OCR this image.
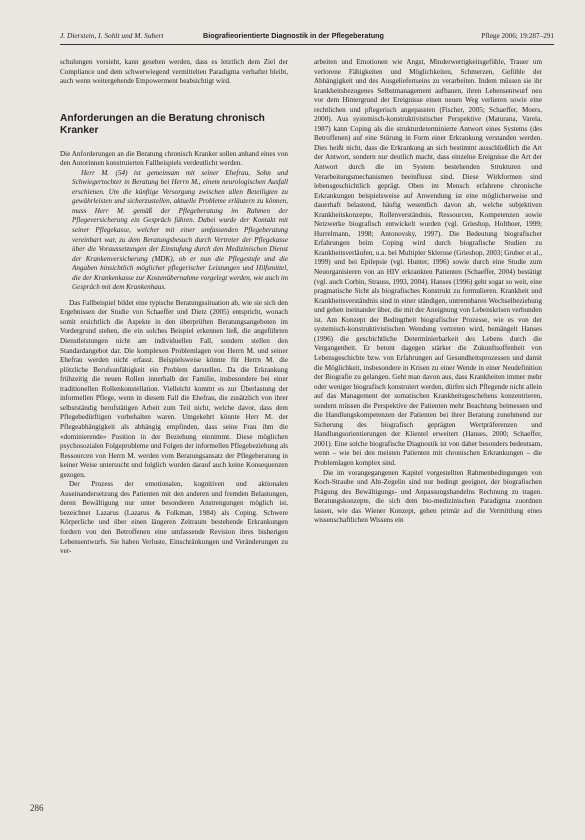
J. Dierstein, I. Sohlt und M. Subert	Biografieorientierte Diagnostik in der Pflegeberatung	Pflege 2006; 19:287–291

schulungen vorsieht, kann gesehen werden, dass es letztlich dem Ziel der Compliance und dem schwerwiegend vermittelten Paradigma verhaftet bleibt, auch wenn weitergehende Empowerment beabsichtigt wird.

Anforderungen an die Beratung chronisch Kranker

Die Anforderungen an die Beratung chronisch Kranker sollen anhand eines von den Autorinnen konstruierten Fallbeispiels verdeutlicht werden.

Herr M. (54) ist gemeinsam mit seiner Ehefrau, Sohn und Schwiegertochter in Beratung bei Herrn M., einem neurologischen Ausfall erschienen. Um die künftige Versorgung zwischen allen Beteiligten zu gewährleisten und sicherzustellen, aktuelle Probleme erläutern zu können, muss Herr M. gemäß der Pflegeberatung im Rahmen der Pflegeversicherung ein Gespräch führen. Dabei wurde der Kontakt mit seiner Pflegekasse, welcher mit einer umfassenden Pflegeberatung vereinbart war, zu dem Beratungsbesuch durch Vertreter der Pflegekasse über die Voraussetzungen der Einstufung durch den Medizinischen Dienst der Krankenversicherung (MDK), ob er nun die Pflegestufe und die Angaben hinsichtlich möglicher pflegerischer Leistungen und Hilfsmittel, die der Krankenkasse zur Kostenübernahme vorgelegt werden, wie auch im Gespräch mit dem Krankenhaus.

Das Fallbeispiel bildet eine typische Beratungssituation ab, wie sie sich den Ergebnissen der Studie von Schaeffer und Dietz (2005) entspricht, wonach somit ersichtlich die Aspekte in den überprüften Beratungsangeboten im Vordergrund stehen, die ein solches Beispiel erkennen ließ, die angeführten Dienstleistungen nicht am individuellen Fall, sondern stellen den Standardangebot dar. Die komplexen Problemlagen von Herrn M. und seiner Ehefrau werden nicht erfasst. Beispielsweise könnte für Herrn M. die plötzliche Berufsunfähigkeit ein Problem darstellen. Da die Erkrankung frühzeitig die neuen Rollen innerhalb der Familie, insbesondere bei einer traditionellen Rollenkonstellation. Vielleicht kommt es zur Überlastung der informellen Pflege, wenn in diesem Fall die Ehefrau, die zusätzlich von ihrer selbstständig berufstätigen Arbeit zum Teil nicht, welche davor, dass dem Pflegebedürftigen vorbehalten waren. Umgekehrt könnte Herr M. der Pflegeabhängigkeit als abhängig empfinden, dass seine Frau ihm die «dominierende» Position in der Beziehung einnimmt. Diese möglichen psychosozialen Folgeprobleme und Folgen der informellen Pflegebeziehung als Ressourcen von Herrn M. werden vom Beratungsansatz der Pflegeberatung in keiner Weise untersucht und folglich wurden darauf auch keine Konsequenzen gezogen.

Der Prozess der emotionalen, kognitiven und aktionalen Auseinandersetzung des Patienten mit den anderen und fremden Belastungen, deren Bewältigung nur unter besonderen Anstrengungen möglich ist, bezeichnet Lazarus (Lazarus & Folkman, 1984) als Coping. Schwere Körperliche und über einen längeren Zeitraum bestehende Erkrankungen fordern von den Betroffenen eine umfassende Revision ihres bisherigen Lebensentwurfs. Sie haben Verluste, Einschränkungen und Veränderungen zu ver-

arbeiten und Emotionen wie Angst, Minderwertigkeitsgefühle, Trauer um verlorene Fähigkeiten und Möglichkeiten, Schmerzen, Gefühle der Abhängigkeit und des Ausgeliefertseins zu verarbeiten. Indem müssen sie ihr krankheitsbezogenes Selbstmanagement aufbauen, ihren Lebensentwurf neu vor dem Hintergrund der Ereignisse einen neuen Weg verlieren sowie eine rechtlichen und pflegerisch angepassten (Fischer, 2005; Schaeffer, Moers, 2000). Aus systemisch-konstruktivistischer Perspektive (Maturana, Varela, 1987) kann Coping als die strukturdeterminierte Antwort eines Systems (des Betroffenen) auf eine Störung in Form einer Erkrankung verstanden werden. Dies heißt nicht, dass die Erkrankung an sich bestimmt ausschließlich die Art der Antwort, sondern nur deutlich macht, dass einzelne Ereignisse die Art der Antwort durch die im System bestehenden Strukturen und Verarbeitungsmechanismen beeinflusst sind. Diese Wirkformen sind lebensgeschichtlich geprägt. Oben im Mensch erfahrene chronische Erkrankungen beispielsweise auf Anwendung ist eine möglicherweise und dauerhaft belastend, häufig wesentlich davon ab, welche subjektiven Krankheitskonzepte, Rollenverständnis, Ressourcen, Kompetenzen sowie Netzwerke biografisch entwickelt wurden (vgl. Grieshop, Holthoer, 1999; Hurrelmann, 1998; Antonovsky, 1997). Die Bedeutung biografischer Erfahrungen beim Coping wird durch biografische Studien zu Krankheitsverläufen, u.a. bei Multipler Sklerose (Grieshop, 2003; Gruber et al., 1999) und bei Epilepsie (vgl. Hunter, 1996) sowie durch eine Studie zum Neuorganisieren von an HIV erkrankten Patienten (Schaeffer, 2004) bestätigt (vgl. auch Corbin, Strauss, 1993, 2004). Hanses (1996) geht sogar so weit, eine pragmatische Sicht als biografisches Konstrukt zu formulieren. Krankheit und Krankheitsverständnis sind in einer ständigen, untrennbaren Wechselbeziehung und gehen ineinander über, die mit der Aneignung von Lebenskrisen verbunden ist. Am Konzept der Bedingtheit biografischer Prozesse, wie es von der systemisch-konstruktivistischen Wendung vertreten wird, bemängelt Hanses (1996) die geschichtliche Determinierbarkeit des Lebens durch die Vergangenheit. Er betont dagegen stärker die Zukunftsoffenheit von Lebensgeschichte bzw. von Erfahrungen auf Gesundheitsprozessen und damit die Möglichkeit, insbesondere in Krisen zu einer Wende in einer Neudefinition der Biografie zu gelangen. Geht man davon aus, dass Krankheiten immer mehr oder weniger biografisch konstruiert werden, dürfen sich Pflegende nicht allein auf das Management der somatischen Krankheitsgeschehens konzentrieren, sondern müssen die Perspektive der Patienten mehr Beachtung beimessen und die Handlungskompetenzen der Patienten bei ihrer Beratung zunehmend zur Sicherung des biografisch geprägten Wertpräferenzen und Handlungsorientierungen der Klientel erweitert (Hanses, 2000; Schaeffer, 2001). Eine solche biografische Diagnostik ist von daher besonders bedeutsam, wenn – wie bei den meisten Patienten mit chronischen Erkrankungen – die Problemlagen komplex sind.

Die im vorangegangenen Kapitel vorgestellten Rahmenbedingungen von Koch-Straube und Abt-Zegelin sind nur bedingt geeignet, der biografischen Prägung des Bewältigungs- und Anpassungshandelns Rechnung zu tragen. Beratungskonzepte, die sich dem bio-medizinischen Paradigma zuordnen lassen, wie das Wiener Konzept, gehen primär auf die Vermittlung eines wissenschaftlichen Wissens ein

286
